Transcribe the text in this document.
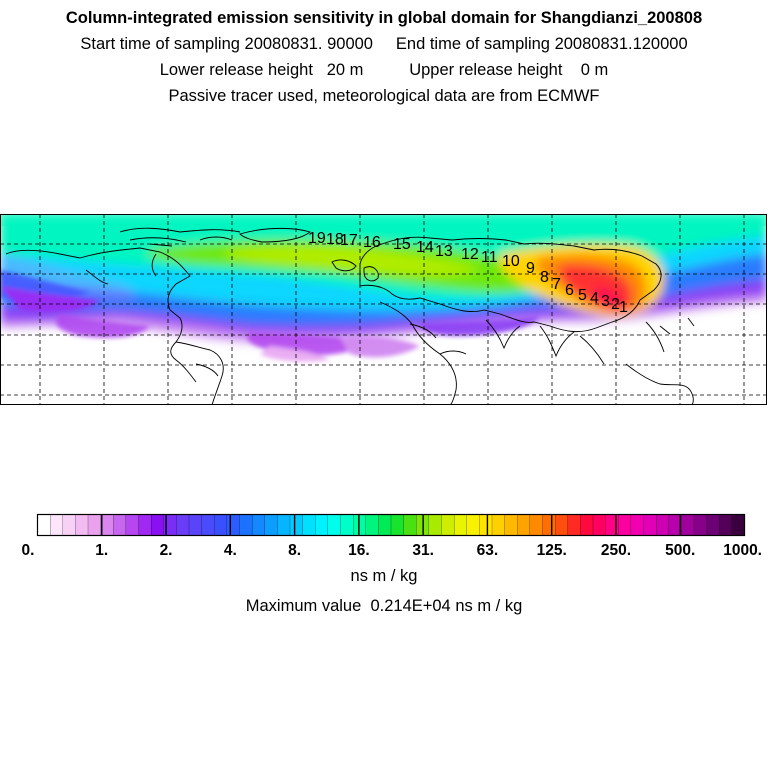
Column-integrated emission sensitivity in global domain for Shangdianzi_200808
Start time of sampling 20080831. 90000 End time of sampling 20080831.120000
Lower release height 20 m	Upper release height 0 m
Passive tracer used, meteorological data are from ECMWF
19 18
17 16 15 14 13 12 11 10 9
8 7 6 5 4 3 2 1
0.	1.	2.	4.	8.	16.	31.	63. 125. 250. 500. 1000.
ns m / kg
Maximum value 0.214E+04 ns m / kg
